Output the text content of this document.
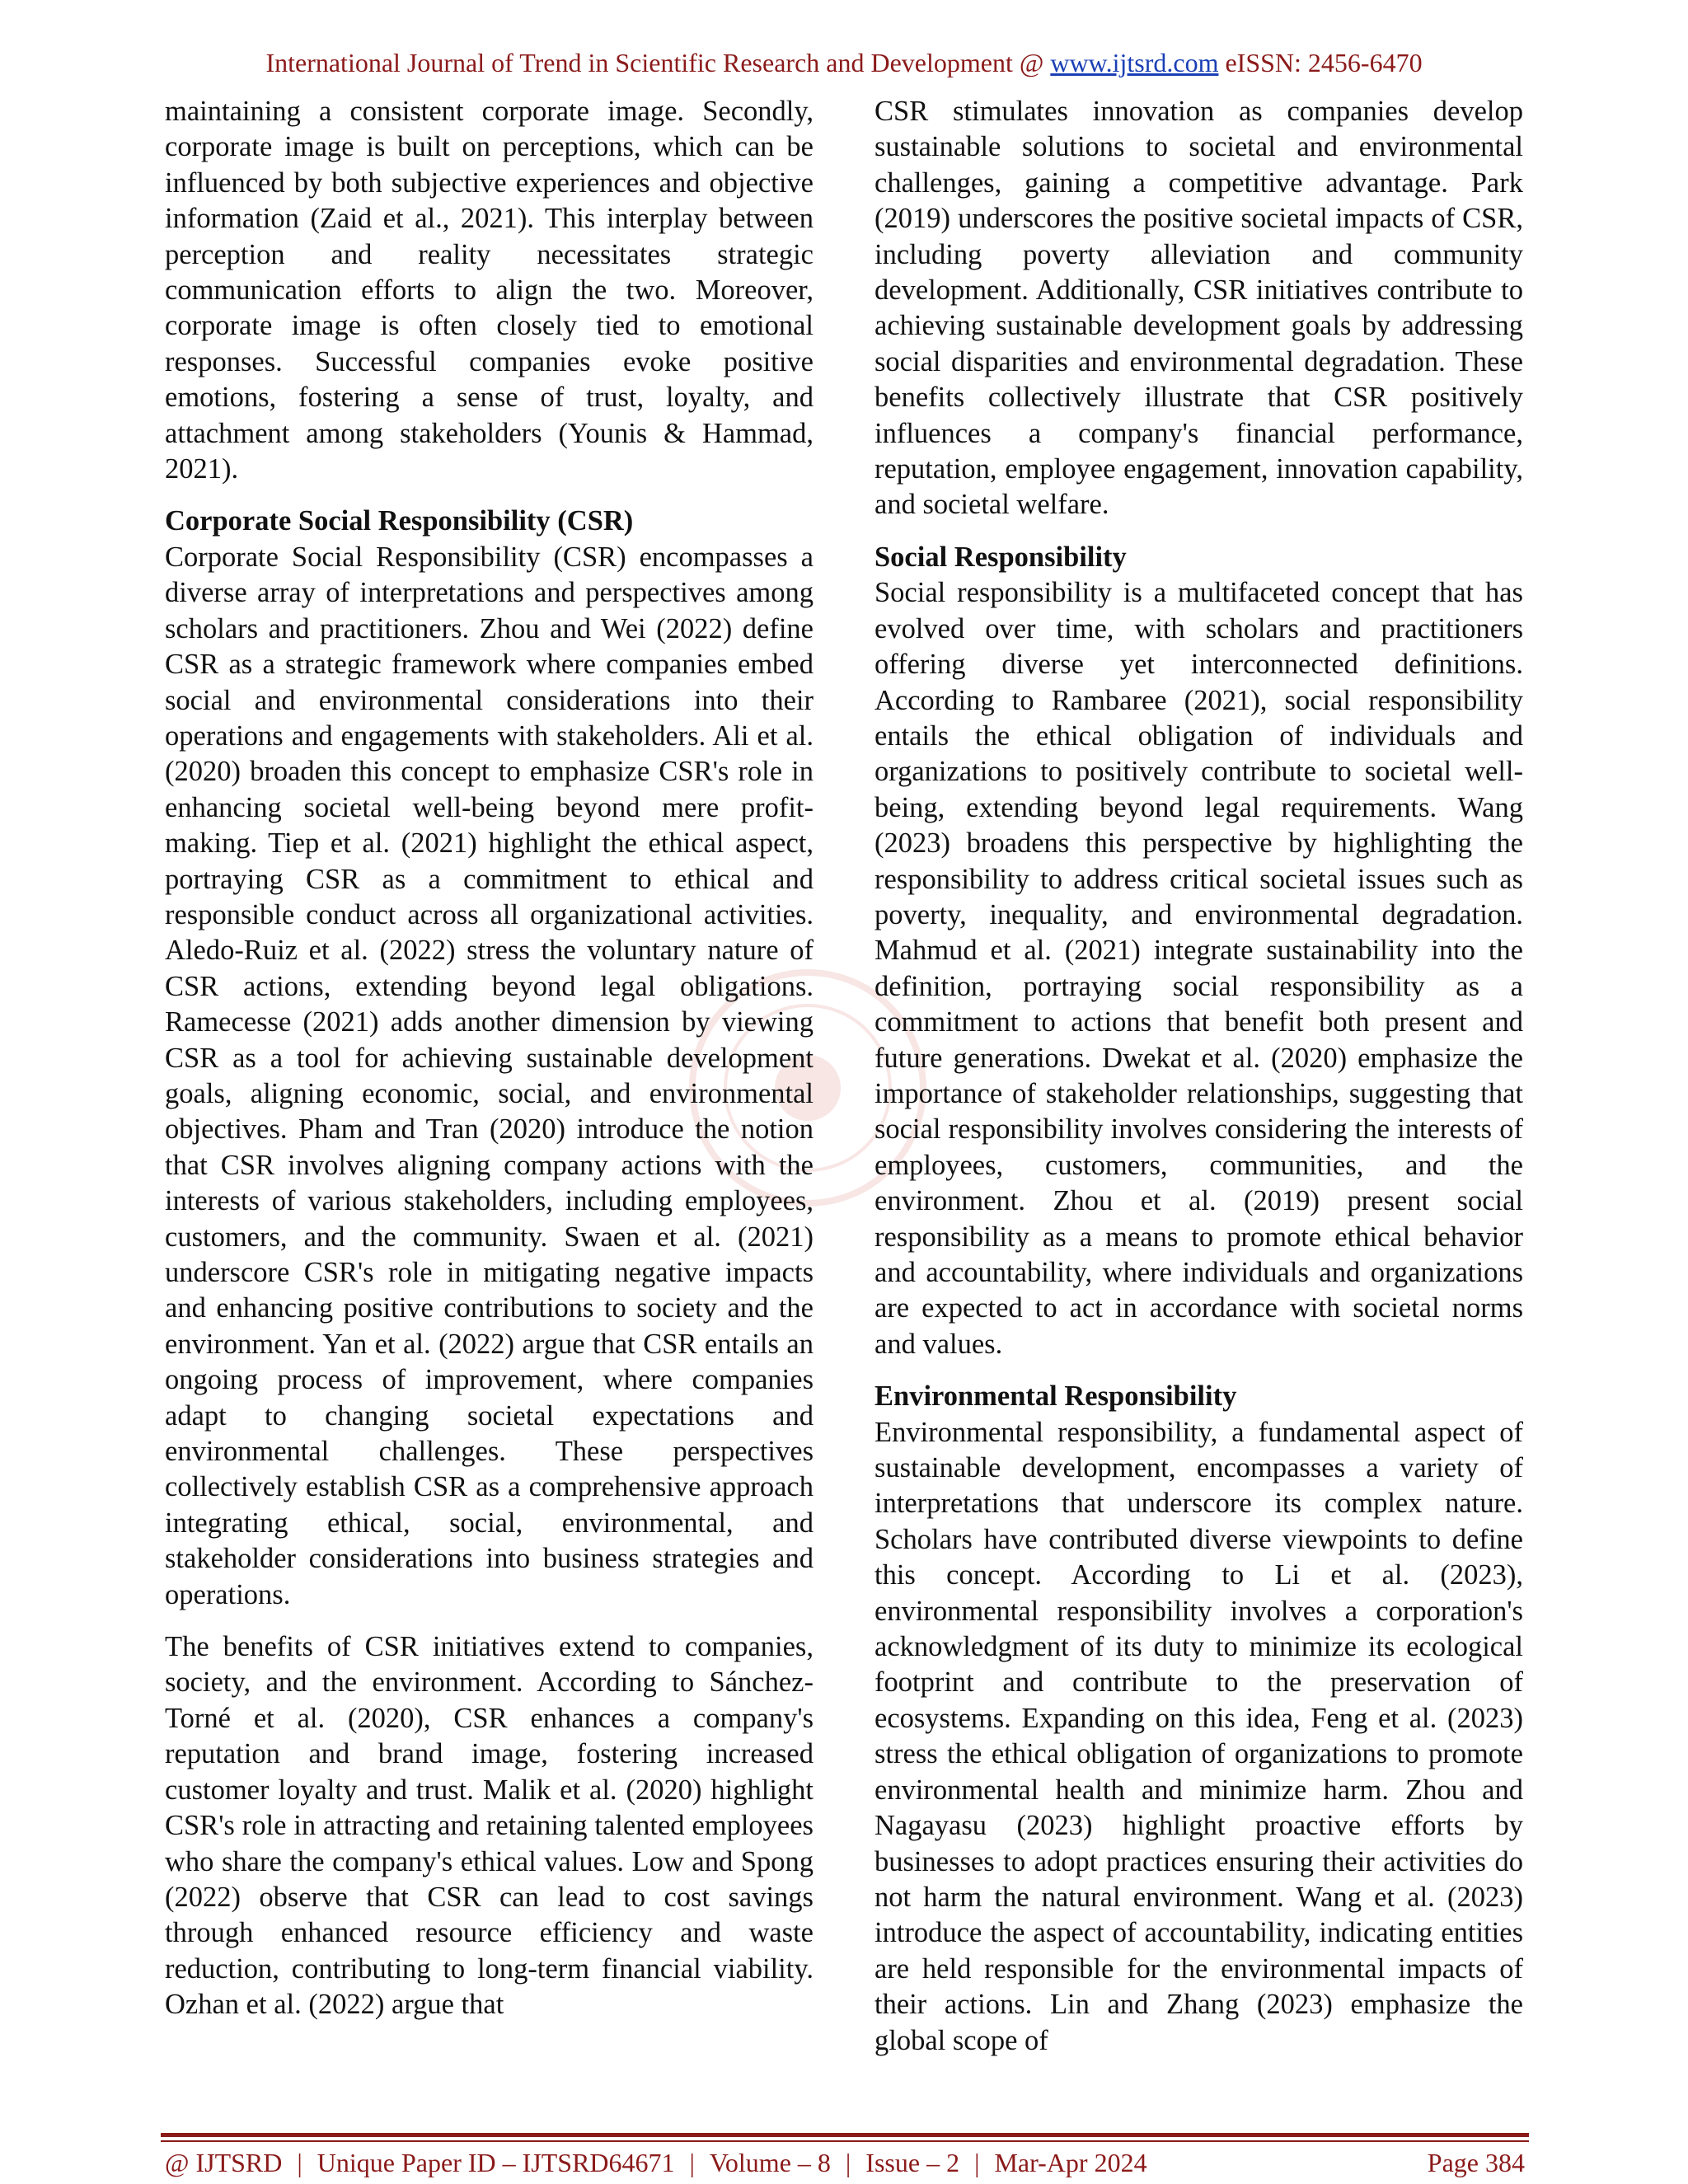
International Journal of Trend in Scientific Research and Development @ www.ijtsrd.com eISSN: 2456-6470

maintaining a consistent corporate image. Secondly, corporate image is built on perceptions, which can be influenced by both subjective experiences and objective information (Zaid et al., 2021). This interplay between perception and reality necessitates strategic communication efforts to align the two. Moreover, corporate image is often closely tied to emotional responses. Successful companies evoke positive emotions, fostering a sense of trust, loyalty, and attachment among stakeholders (Younis & Hammad, 2021).

Corporate Social Responsibility (CSR)

Corporate Social Responsibility (CSR) encompasses a diverse array of interpretations and perspectives among scholars and practitioners. Zhou and Wei (2022) define CSR as a strategic framework where companies embed social and environmental considerations into their operations and engagements with stakeholders. Ali et al. (2020) broaden this concept to emphasize CSR's role in enhancing societal well-being beyond mere profit-making. Tiep et al. (2021) highlight the ethical aspect, portraying CSR as a commitment to ethical and responsible conduct across all organizational activities. Aledo-Ruiz et al. (2022) stress the voluntary nature of CSR actions, extending beyond legal obligations. Ramecesse (2021) adds another dimension by viewing CSR as a tool for achieving sustainable development goals, aligning economic, social, and environmental objectives. Pham and Tran (2020) introduce the notion that CSR involves aligning company actions with the interests of various stakeholders, including employees, customers, and the community. Swaen et al. (2021) underscore CSR's role in mitigating negative impacts and enhancing positive contributions to society and the environment. Yan et al. (2022) argue that CSR entails an ongoing process of improvement, where companies adapt to changing societal expectations and environmental challenges. These perspectives collectively establish CSR as a comprehensive approach integrating ethical, social, environmental, and stakeholder considerations into business strategies and operations.

The benefits of CSR initiatives extend to companies, society, and the environment. According to Sánchez-Torné et al. (2020), CSR enhances a company's reputation and brand image, fostering increased customer loyalty and trust. Malik et al. (2020) highlight CSR's role in attracting and retaining talented employees who share the company's ethical values. Low and Spong (2022) observe that CSR can lead to cost savings through enhanced resource efficiency and waste reduction, contributing to long-term financial viability. Ozhan et al. (2022) argue that

CSR stimulates innovation as companies develop sustainable solutions to societal and environmental challenges, gaining a competitive advantage. Park (2019) underscores the positive societal impacts of CSR, including poverty alleviation and community development. Additionally, CSR initiatives contribute to achieving sustainable development goals by addressing social disparities and environmental degradation. These benefits collectively illustrate that CSR positively influences a company's financial performance, reputation, employee engagement, innovation capability, and societal welfare.

Social Responsibility

Social responsibility is a multifaceted concept that has evolved over time, with scholars and practitioners offering diverse yet interconnected definitions. According to Rambaree (2021), social responsibility entails the ethical obligation of individuals and organizations to positively contribute to societal well-being, extending beyond legal requirements. Wang (2023) broadens this perspective by highlighting the responsibility to address critical societal issues such as poverty, inequality, and environmental degradation. Mahmud et al. (2021) integrate sustainability into the definition, portraying social responsibility as a commitment to actions that benefit both present and future generations. Dwekat et al. (2020) emphasize the importance of stakeholder relationships, suggesting that social responsibility involves considering the interests of employees, customers, communities, and the environment. Zhou et al. (2019) present social responsibility as a means to promote ethical behavior and accountability, where individuals and organizations are expected to act in accordance with societal norms and values.

Environmental Responsibility

Environmental responsibility, a fundamental aspect of sustainable development, encompasses a variety of interpretations that underscore its complex nature. Scholars have contributed diverse viewpoints to define this concept. According to Li et al. (2023), environmental responsibility involves a corporation's acknowledgment of its duty to minimize its ecological footprint and contribute to the preservation of ecosystems. Expanding on this idea, Feng et al. (2023) stress the ethical obligation of organizations to promote environmental health and minimize harm. Zhou and Nagayasu (2023) highlight proactive efforts by businesses to adopt practices ensuring their activities do not harm the natural environment. Wang et al. (2023) introduce the aspect of accountability, indicating entities are held responsible for the environmental impacts of their actions. Lin and Zhang (2023) emphasize the global scope of

@ IJTSRD | Unique Paper ID – IJTSRD64671 | Volume – 8 | Issue – 2 | Mar-Apr 2024	Page 384
